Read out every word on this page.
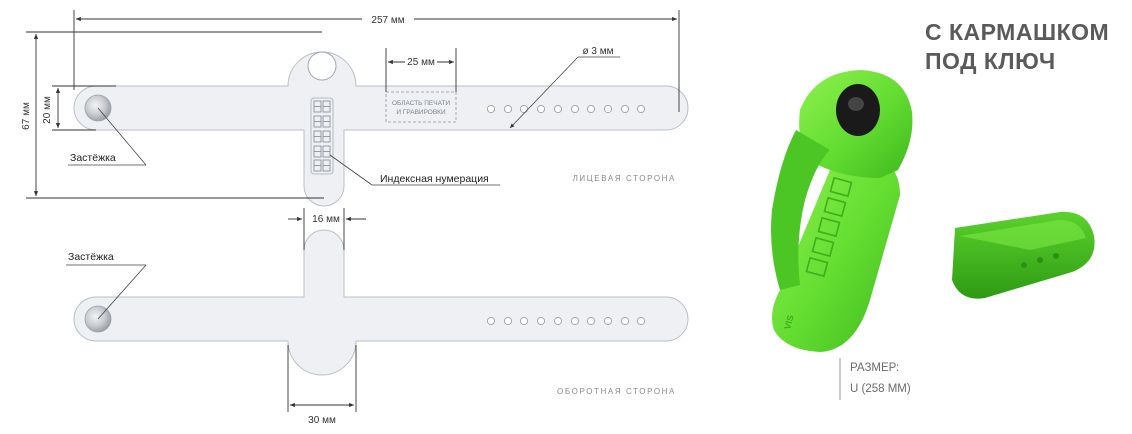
ОБЛАСТЬ ПЕЧАТИ
И ГРАВИРОВКИ
257 мм
67 мм 20 мм
25 мм
ø 3 мм
Застёжка
Индексная нумерация	ЛИЦЕВАЯ СТОРОНА
16 мм
30 мм
Застёжка
ОБОРОТНАЯ СТОРОНА
VIS
С КАРМАШКОМ
ПОД КЛЮЧ
РАЗМЕР:
U (258 ММ)
